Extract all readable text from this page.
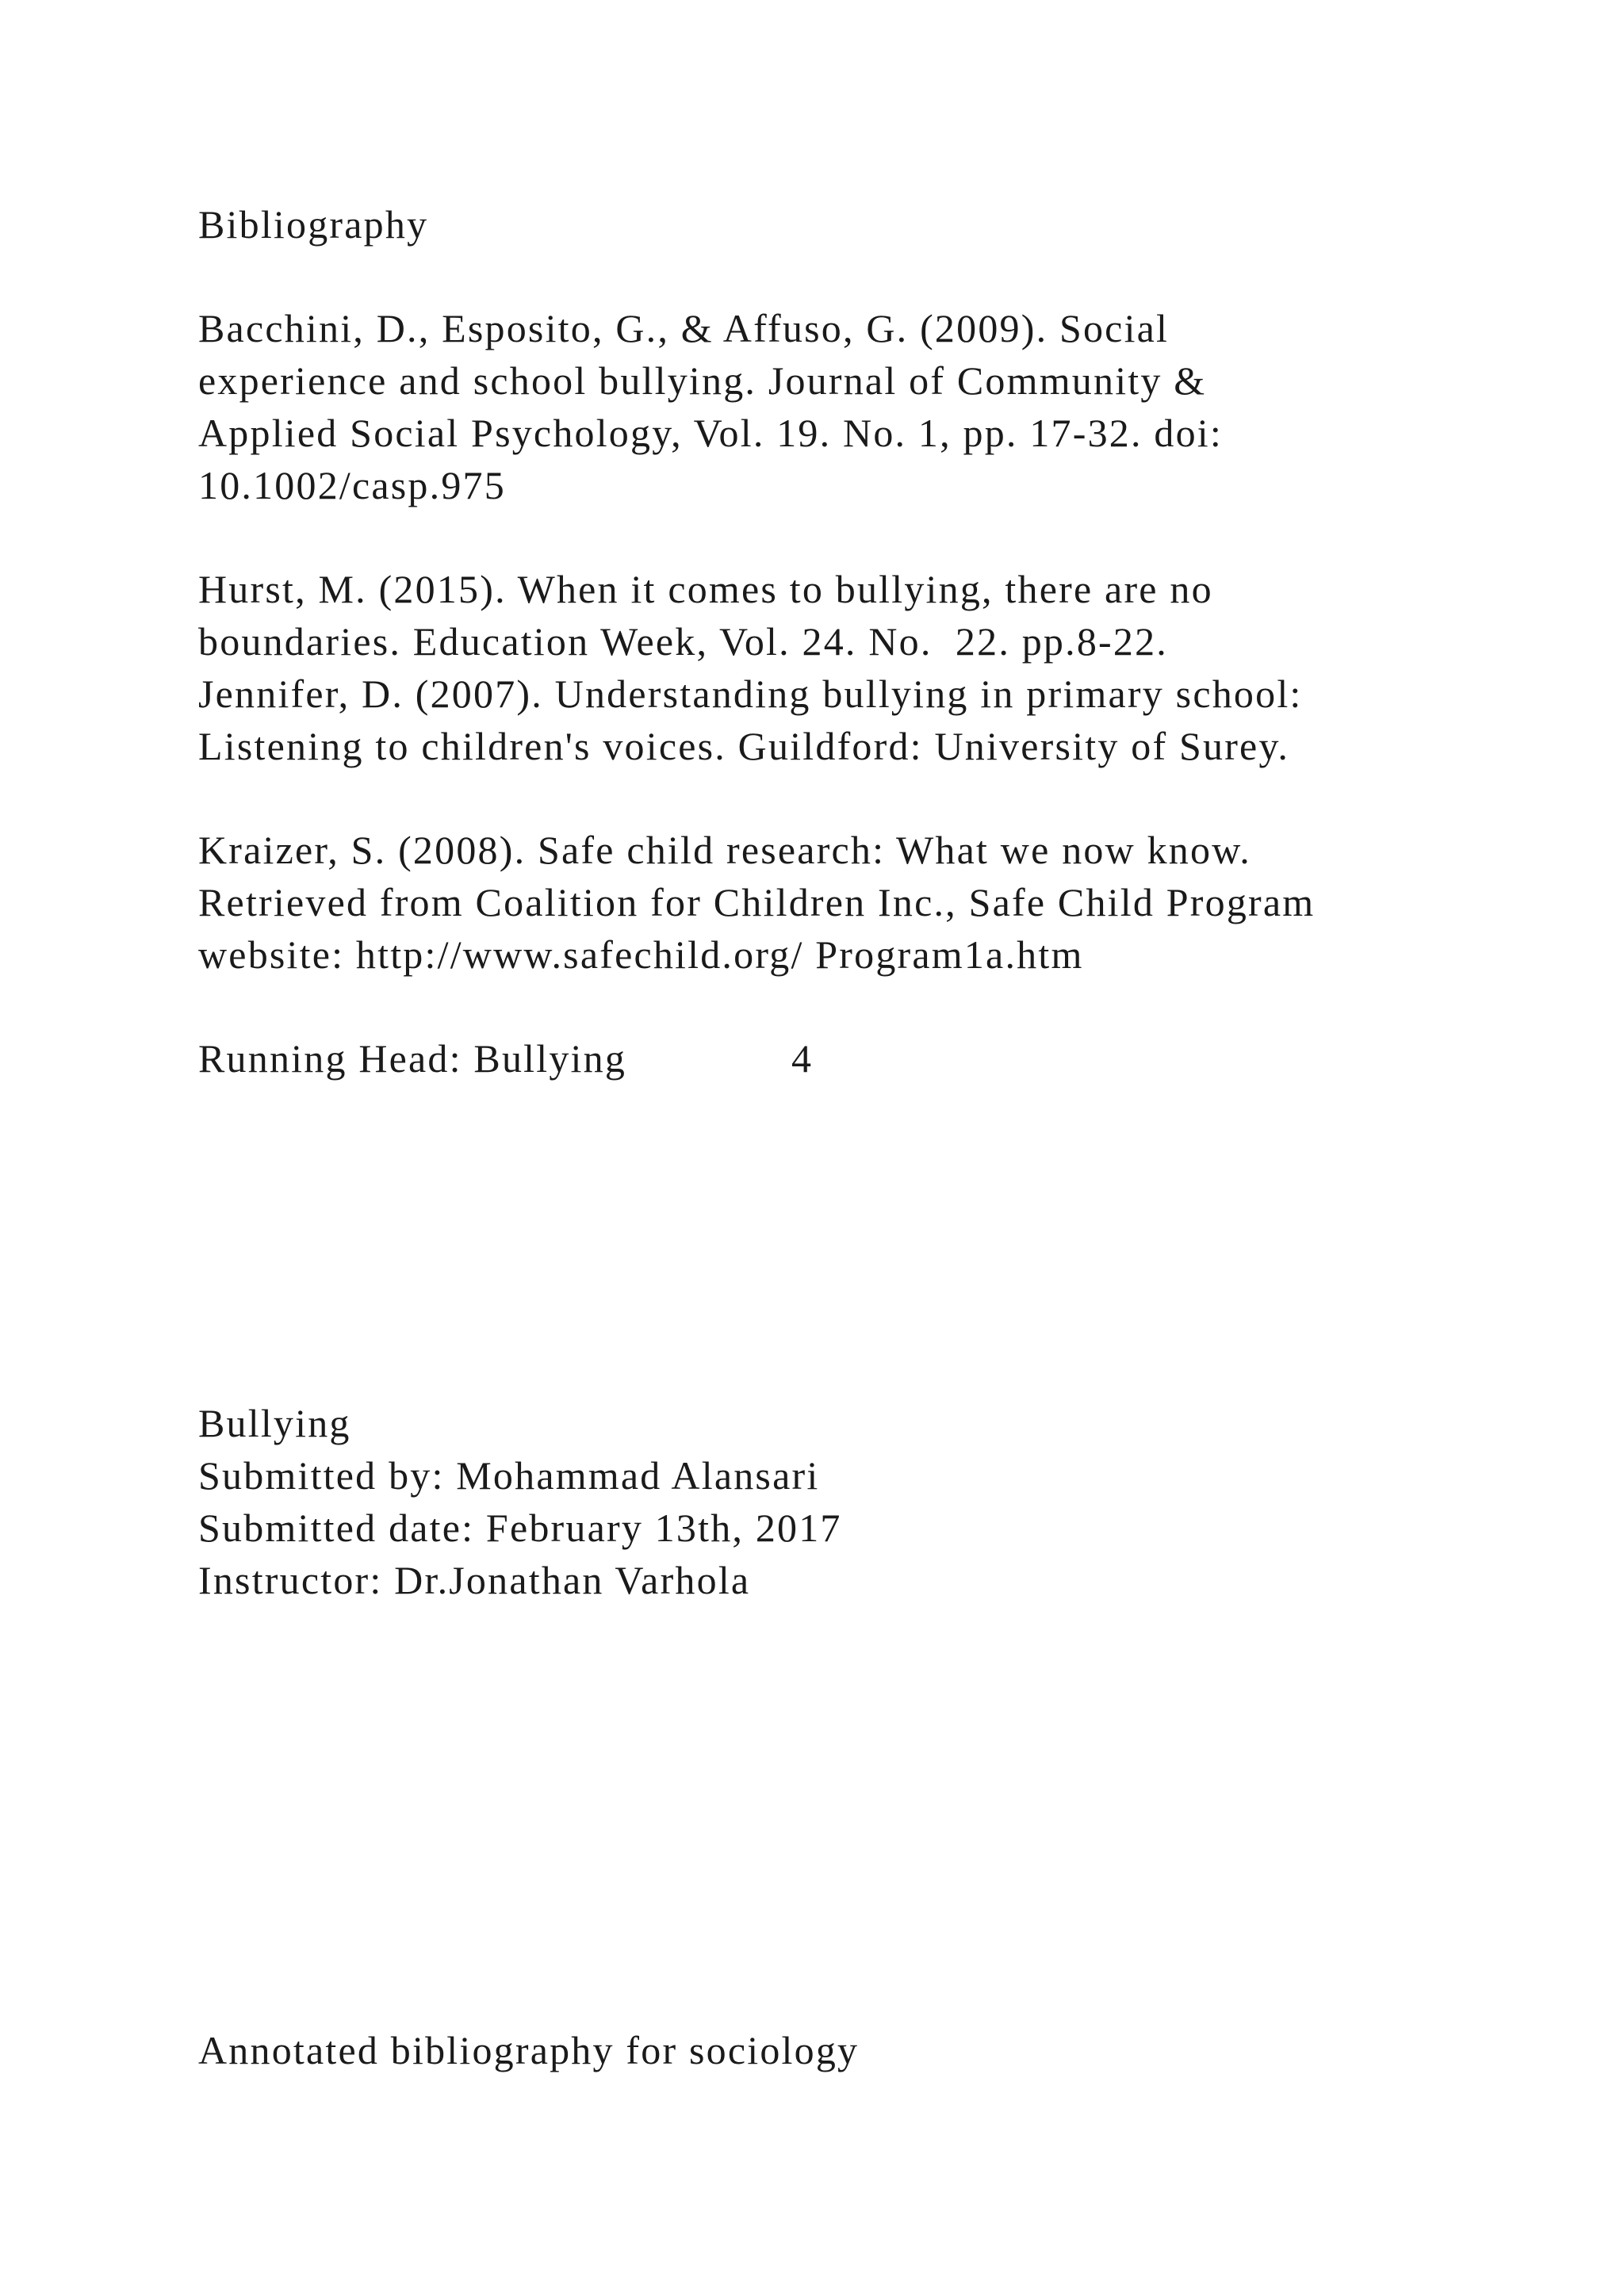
Bibliography

Bacchini, D., Esposito, G., & Affuso, G. (2009). Social

experience and school bullying. Journal of Community &

Applied Social Psychology, Vol. 19. No. 1, pp. 17-32. doi:

10.1002/casp.975

Hurst, M. (2015). When it comes to bullying, there are no

boundaries. Education Week, Vol. 24. No.  22. pp.8-22.

Jennifer, D. (2007). Understanding bullying in primary school:

Listening to children's voices. Guildford: University of Surey.

Kraizer, S. (2008). Safe child research: What we now know.

Retrieved from Coalition for Children Inc., Safe Child Program

website: http://www.safechild.org/ Program1a.htm

Running Head: Bullying	4

Bullying

Submitted by: Mohammad Alansari

Submitted date: February 13th, 2017

Instructor: Dr.Jonathan Varhola

Annotated bibliography for sociology
